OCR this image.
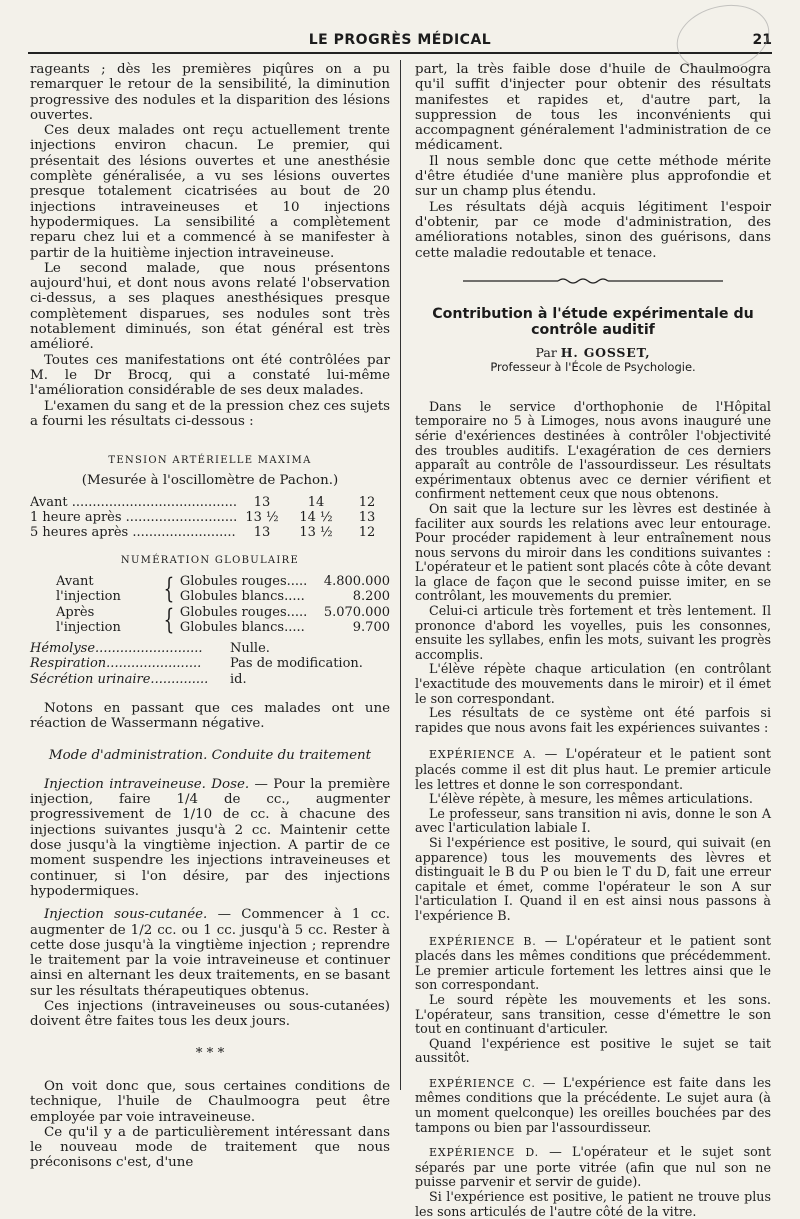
LE PROGRÈS MÉDICAL	21

rageants ; dès les premières piqûres on a pu remarquer le retour de la sensibilité, la diminution progressive des nodules et la disparition des lésions ouvertes.

Ces deux malades ont reçu actuellement trente injections environ chacun. Le premier, qui présentait des lésions ouvertes et une anesthésie complète généralisée, a vu ses lésions ouvertes presque totalement cicatrisées au bout de 20 injections intraveineuses et 10 injections hypodermiques. La sensibilité a complètement reparu chez lui et a commencé à se manifester à partir de la huitième injection intraveineuse.

Le second malade, que nous présentons aujourd'hui, et dont nous avons relaté l'observation ci-dessus, a ses plaques anesthésiques presque complètement disparues, ses nodules sont très notablement diminués, son état général est très amélioré.

Toutes ces manifestations ont été contrôlées par M. le Dr Brocq, qui a constaté lui-même l'amélioration considérable de ses deux malades.

L'examen du sang et de la pression chez ces sujets a fourni les résultats ci-dessous :

TENSION ARTÉRIELLE MAXIMA
(Mesurée à l'oscillomètre de Pachon.)
Avant .....	13	14	12
1 heure après .....	13 ½	14 ½	13
5 heures après .....	13	13 ½	12
NUMÉRATION GLOBULAIRE
Avant l'injection	{ Globules rouges.....	4.800.000
Globules blancs.....	8.200
Après l'injection	{ Globules rouges.....	5.070.000
Globules blancs.....	9.700
Hémolyse..........................	Nulle.
Respiration.......................	Pas de modification.
Sécrétion urinaire..............	id.

Notons en passant que ces malades ont une réaction de Wassermann négative.

Mode d'administration. Conduite du traitement

Injection intraveineuse. Dose. — Pour la première injection, faire 1/4 de cc., augmenter progressivement de 1/10 de cc. à chacune des injections suivantes jusqu'à 2 cc. Maintenir cette dose jusqu'à la vingtième injection. A partir de ce moment suspendre les injections intraveineuses et continuer, si l'on désire, par des injections hypodermiques.

Injection sous-cutanée. — Commencer à 1 cc. augmenter de 1/2 cc. ou 1 cc. jusqu'à 5 cc. Rester à cette dose jusqu'à la vingtième injection ; reprendre le traitement par la voie intraveineuse et continuer ainsi en alternant les deux traitements, en se basant sur les résultats thérapeutiques obtenus.

Ces injections (intraveineuses ou sous-cutanées) doivent être faites tous les deux jours.

* * *

On voit donc que, sous certaines conditions de technique, l'huile de Chaulmoogra peut être employée par voie intraveineuse.

Ce qu'il y a de particulièrement intéressant dans le nouveau mode de traitement que nous préconisons c'est, d'une

part, la très faible dose d'huile de Chaulmoogra qu'il suffit d'injecter pour obtenir des résultats manifestes et rapides et, d'autre part, la suppression de tous les inconvénients qui accompagnent généralement l'administration de ce médicament.

Il nous semble donc que cette méthode mérite d'être étudiée d'une manière plus approfondie et sur un champ plus étendu.

Les résultats déjà acquis légitiment l'espoir d'obtenir, par ce mode d'administration, des améliorations notables, sinon des guérisons, dans cette maladie redoutable et tenace.

Contribution à l'étude expérimentale du contrôle auditif
Par H. GOSSET,
Professeur à l'École de Psychologie.

Dans le service d'orthophonie de l'Hôpital temporaire no 5 à Limoges, nous avons inauguré une série d'exériences destinées à contrôler l'objectivité des troubles auditifs. L'exagération de ces derniers apparaît au contrôle de l'assourdisseur. Les résultats expérimentaux obtenus avec ce dernier vérifient et confirment nettement ceux que nous obtenons.

On sait que la lecture sur les lèvres est destinée à faciliter aux sourds les relations avec leur entourage. Pour procéder rapidement à leur entraînement nous nous servons du miroir dans les conditions suivantes : L'opérateur et le patient sont placés côte à côte devant la glace de façon que le second puisse imiter, en se contrôlant, les mouvements du premier.

Celui-ci articule très fortement et très lentement. Il prononce d'abord les voyelles, puis les consonnes, ensuite les syllabes, enfin les mots, suivant les progrès accomplis.

L'élève répète chaque articulation (en contrôlant l'exactitude des mouvements dans le miroir) et il émet le son correspondant.

Les résultats de ce système ont été parfois si rapides que nous avons fait les expériences suivantes :

EXPÉRIENCE A. — L'opérateur et le patient sont placés comme il est dit plus haut. Le premier articule les lettres et donne le son correspondant.

L'élève répète, à mesure, les mêmes articulations.

Le professeur, sans transition ni avis, donne le son A avec l'articulation labiale I.

Si l'expérience est positive, le sourd, qui suivait (en apparence) tous les mouvements des lèvres et distinguait le B du P ou bien le T du D, fait une erreur capitale et émet, comme l'opérateur le son A sur l'articulation I. Quand il en est ainsi nous passons à l'expérience B.

EXPÉRIENCE B. — L'opérateur et le patient sont placés dans les mêmes conditions que précédemment. Le premier articule fortement les lettres ainsi que le son correspondant.

Le sourd répète les mouvements et les sons. L'opérateur, sans transition, cesse d'émettre le son tout en continuant d'articuler.

Quand l'expérience est positive le sujet se tait aussitôt.

EXPÉRIENCE C. — L'expérience est faite dans les mêmes conditions que la précédente. Le sujet aura (à un moment quelconque) les oreilles bouchées par des tampons ou bien par l'assourdisseur.

EXPÉRIENCE D. — L'opérateur et le sujet sont séparés par une porte vitrée (afin que nul son ne puisse parvenir et servir de guide).

Si l'expérience est positive, le patient ne trouve plus les sons articulés de l'autre côté de la vitre.
